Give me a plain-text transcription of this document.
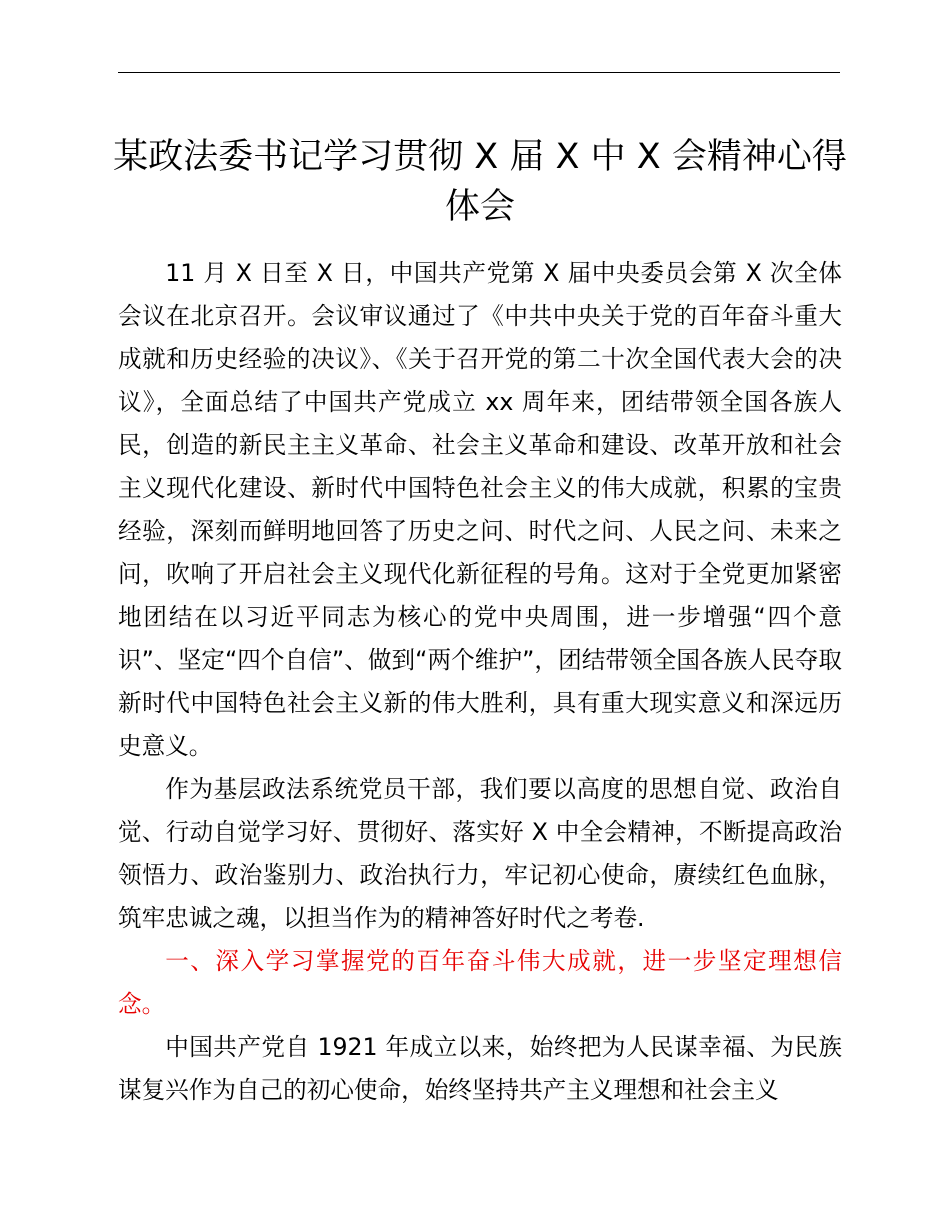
某政法委书记学习贯彻 X 届 X 中 X 会精神心得
体会

11 月 X 日至 X 日，中国共产党第 X 届中央委员会第 X 次全体会议在北京召开。会议审议通过了《中共中央关于党的百年奋斗重大成就和历史经验的决议》、《关于召开党的第二十次全国代表大会的决议》，全面总结了中国共产党成立 xx 周年来，团结带领全国各族人民，创造的新民主主义革命、社会主义革命和建设、改革开放和社会主义现代化建设、新时代中国特色社会主义的伟大成就，积累的宝贵经验，深刻而鲜明地回答了历史之问、时代之问、人民之问、未来之问，吹响了开启社会主义现代化新征程的号角。这对于全党更加紧密地团结在以习近平同志为核心的党中央周围，进一步增强“四个意识”、坚定“四个自信”、做到“两个维护”，团结带领全国各族人民夺取新时代中国特色社会主义新的伟大胜利，具有重大现实意义和深远历史意义。

作为基层政法系统党员干部，我们要以高度的思想自觉、政治自觉、行动自觉学习好、贯彻好、落实好 X 中全会精神，不断提高政治领悟力、政治鉴别力、政治执行力，牢记初心使命，赓续红色血脉，筑牢忠诚之魂，以担当作为的精神答好时代之考卷.

一、深入学习掌握党的百年奋斗伟大成就，进一步坚定理想信念。

中国共产党自 1921 年成立以来，始终把为人民谋幸福、为民族谋复兴作为自己的初心使命，始终坚持共产主义理想和社会主义
